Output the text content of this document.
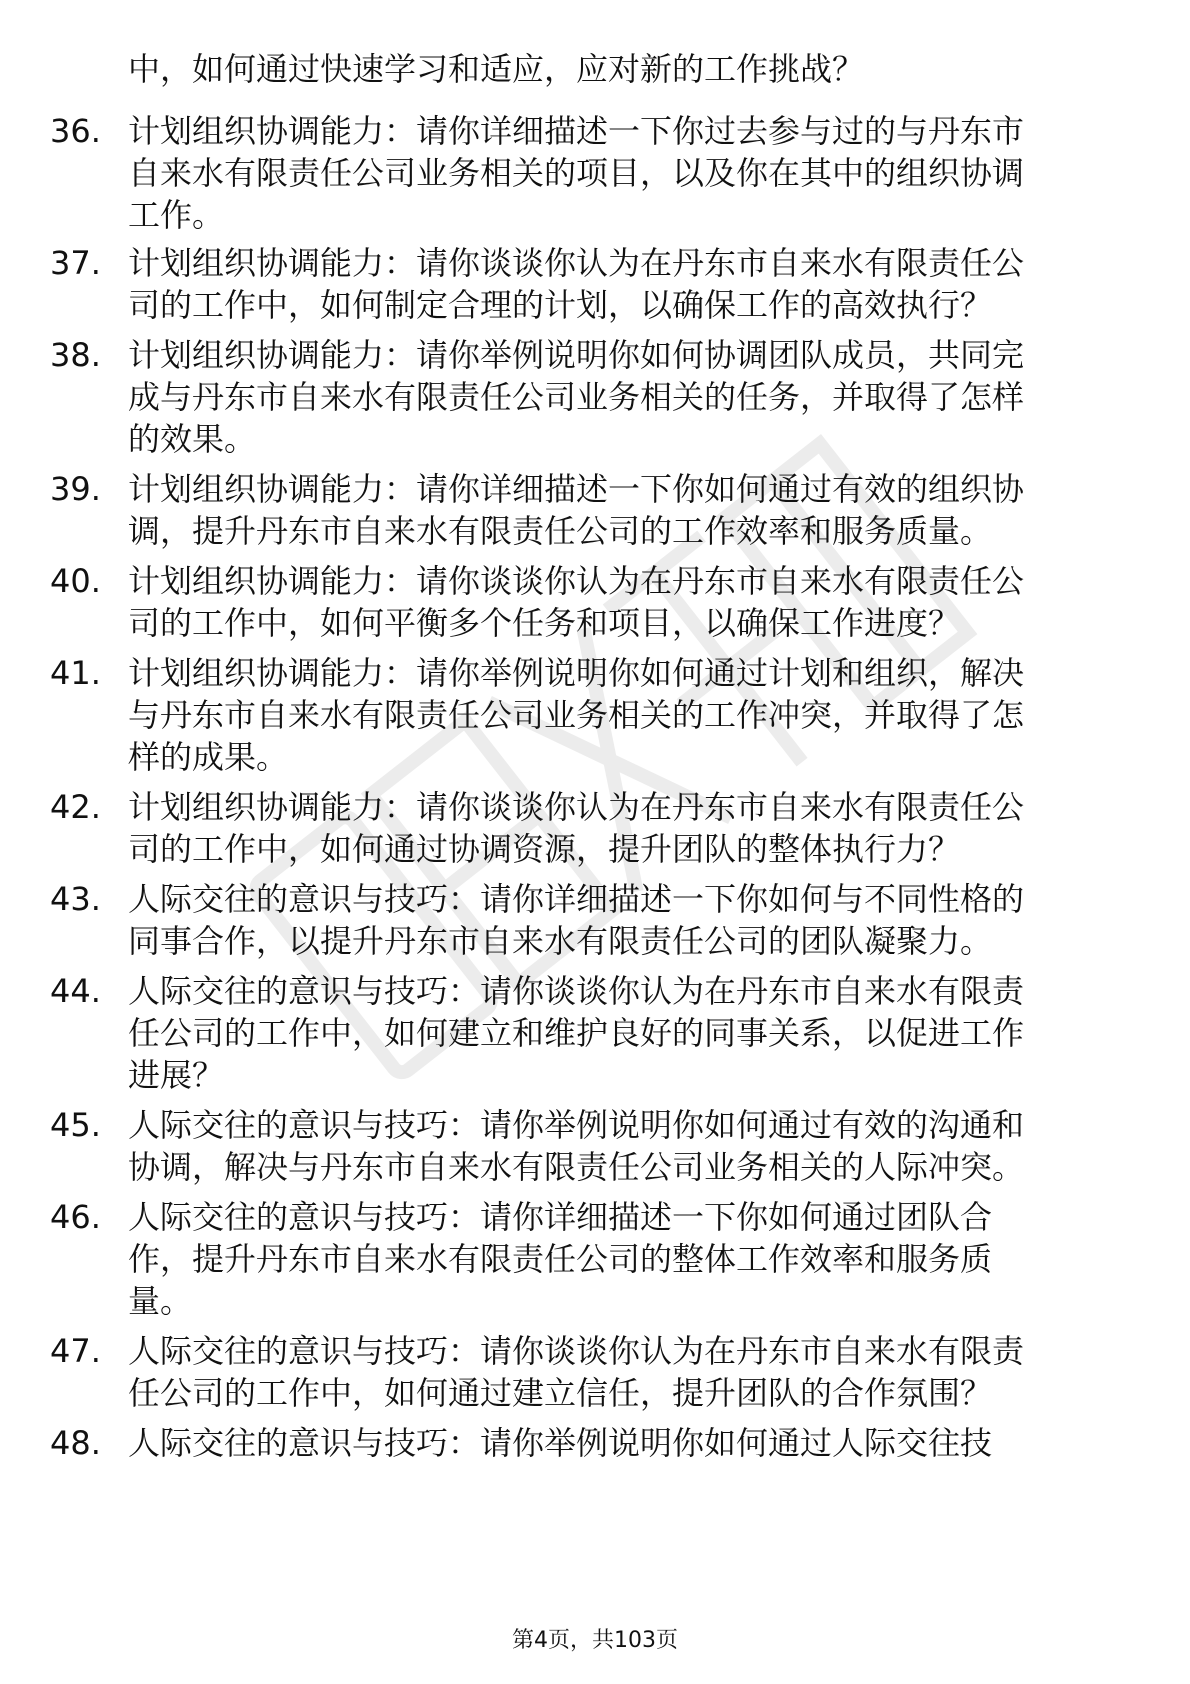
中，如何通过快速学习和适应，应对新的工作挑战？
36. 计划组织协调能力：请你详细描述一下你过去参与过的与丹东市
自来水有限责任公司业务相关的项目，以及你在其中的组织协调
工作。
37. 计划组织协调能力：请你谈谈你认为在丹东市自来水有限责任公
司的工作中，如何制定合理的计划，以确保工作的高效执行？
38. 计划组织协调能力：请你举例说明你如何协调团队成员，共同完
成与丹东市自来水有限责任公司业务相关的任务，并取得了怎样
的效果。
39. 计划组织协调能力：请你详细描述一下你如何通过有效的组织协
调，提升丹东市自来水有限责任公司的工作效率和服务质量。
40. 计划组织协调能力：请你谈谈你认为在丹东市自来水有限责任公
司的工作中，如何平衡多个任务和项目，以确保工作进度？
41. 计划组织协调能力：请你举例说明你如何通过计划和组织，解决
与丹东市自来水有限责任公司业务相关的工作冲突，并取得了怎
样的成果。
42. 计划组织协调能力：请你谈谈你认为在丹东市自来水有限责任公
司的工作中，如何通过协调资源，提升团队的整体执行力？
43. 人际交往的意识与技巧：请你详细描述一下你如何与不同性格的
同事合作，以提升丹东市自来水有限责任公司的团队凝聚力。
44. 人际交往的意识与技巧：请你谈谈你认为在丹东市自来水有限责
任公司的工作中，如何建立和维护良好的同事关系，以促进工作
进展？
45. 人际交往的意识与技巧：请你举例说明你如何通过有效的沟通和
协调，解决与丹东市自来水有限责任公司业务相关的人际冲突。
46. 人际交往的意识与技巧：请你详细描述一下你如何通过团队合
作，提升丹东市自来水有限责任公司的整体工作效率和服务质
量。
47. 人际交往的意识与技巧：请你谈谈你认为在丹东市自来水有限责
任公司的工作中，如何通过建立信任，提升团队的合作氛围？
48. 人际交往的意识与技巧：请你举例说明你如何通过人际交往技
第4页，共103页
